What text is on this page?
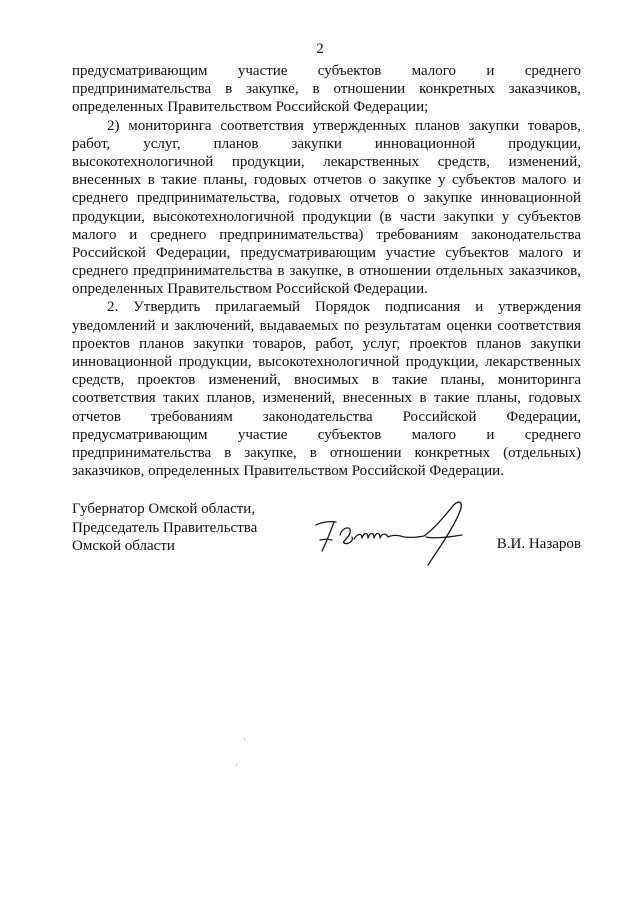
2
предусматривающим участие субъектов малого и среднего
предпринимательства в закупке, в отношении конкретных заказчиков,
определенных Правительством Российской Федерации;
2) мониторинга соответствия утвержденных планов закупки товаров,
работ, услуг, планов закупки инновационной продукции,
высокотехнологичной продукции, лекарственных средств, изменений,
внесенных в такие планы, годовых отчетов о закупке у субъектов малого и
среднего предпринимательства, годовых отчетов о закупке инновационной
продукции, высокотехнологичной продукции (в части закупки у субъектов
малого и среднего предпринимательства) требованиям законодательства
Российской Федерации, предусматривающим участие субъектов малого и
среднего предпринимательства в закупке, в отношении отдельных заказчиков,
определенных Правительством Российской Федерации.
2. Утвердить прилагаемый Порядок подписания и утверждения
уведомлений и заключений, выдаваемых по результатам оценки соответствия
проектов планов закупки товаров, работ, услуг, проектов планов закупки
инновационной продукции, высокотехнологичной продукции, лекарственных
средств, проектов изменений, вносимых в такие планы, мониторинга
соответствия таких планов, изменений, внесенных в такие планы, годовых
отчетов требованиям законодательства Российской Федерации,
предусматривающим участие субъектов малого и среднего
предпринимательства в закупке, в отношении конкретных (отдельных)
заказчиков, определенных Правительством Российской Федерации.
Губернатор Омской области,
Председатель Правительства
Омской области	В.И. Назаров
